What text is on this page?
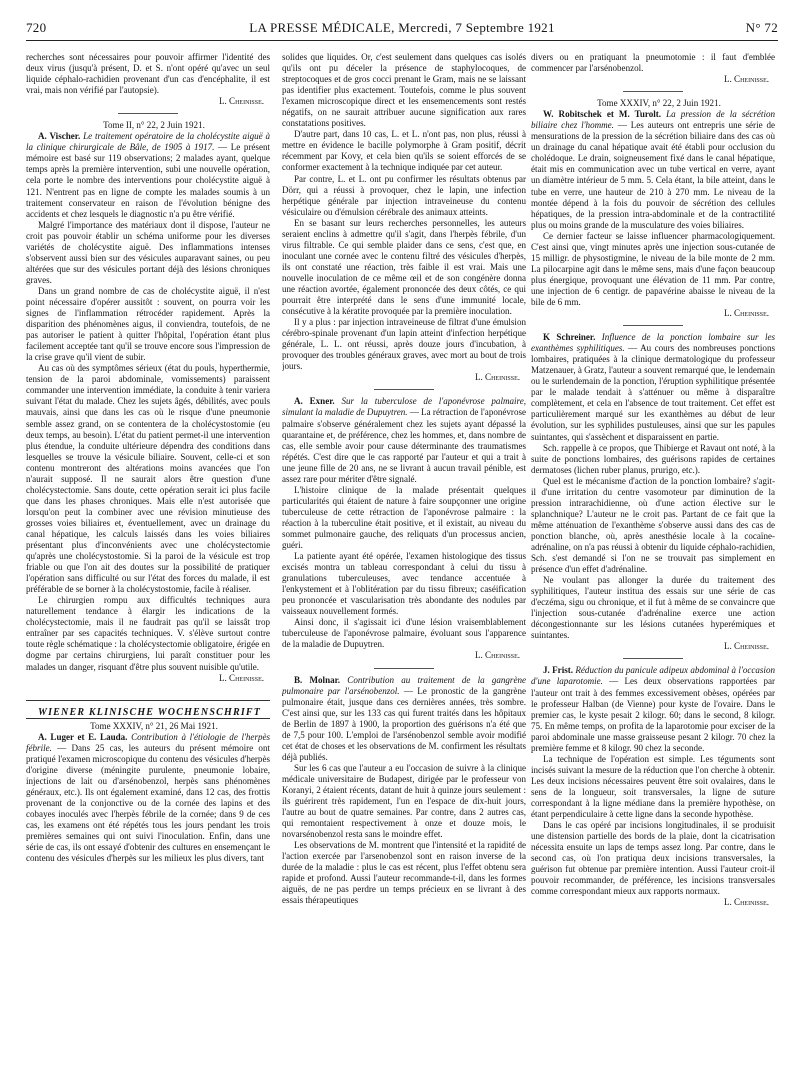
720	LA PRESSE MÉDICALE, Mercredi, 7 Septembre 1921	N° 72

recherches sont nécessaires pour pouvoir affirmer l'identité des deux virus (jusqu'à présent, D. et S. n'ont opéré qu'avec un seul liquide céphalo-rachidien provenant d'un cas d'encéphalite, il est vrai, mais non vérifié par l'autopsie).

L. Cheinisse.

Tome II, n° 22, 2 Juin 1921.

A. Vischer. Le traitement opératoire de la cholécystite aiguë à la clinique chirurgicale de Bâle, de 1905 à 1917. — Le présent mémoire est basé sur 119 observations; 2 malades ayant, quelque temps après la première intervention, subi une nouvelle opération, cela porte le nombre des interventions pour cholécystite aiguë à 121. N'entrent pas en ligne de compte les malades soumis à un traitement conservateur en raison de l'évolution bénigne des accidents et chez lesquels le diagnostic n'a pu être vérifié.

Malgré l'importance des matériaux dont il dispose, l'auteur ne croit pas pouvoir établir un schéma uniforme pour les diverses variétés de cholécystite aiguë. Des inflammations intenses s'observent aussi bien sur des vésicules auparavant saines, ou peu altérées que sur des vésicules portant déjà des lésions chroniques graves.

Dans un grand nombre de cas de cholécystite aiguë, il n'est point nécessaire d'opérer aussitôt : souvent, on pourra voir les signes de l'inflammation rétrocéder rapidement. Après la disparition des phénomènes aigus, il conviendra, toutefois, de ne pas autoriser le patient à quitter l'hôpital, l'opération étant plus facilement acceptée tant qu'il se trouve encore sous l'impression de la crise grave qu'il vient de subir.

Au cas où des symptômes sérieux (état du pouls, hyperthermie, tension de la paroi abdominale, vomissements) paraissent commander une intervention immédiate, la conduite à tenir variera suivant l'état du malade. Chez les sujets âgés, débilités, avec pouls mauvais, ainsi que dans les cas où le risque d'une pneumonie semble assez grand, on se contentera de la cholécystostomie (eu deux temps, au besoin). L'état du patient permet-il une intervention plus étendue, la conduite ultérieure dépendra des conditions dans lesquelles se trouve la vésicule biliaire. Souvent, celle-ci et son contenu montreront des altérations moins avancées que l'on n'aurait supposé. Il ne saurait alors être question d'une cholécystectomie. Sans doute, cette opération serait ici plus facile que dans les phases chroniques. Mais elle n'est autorisée que lorsqu'on peut la combiner avec une révision minutieuse des grosses voies biliaires et, éventuellement, avec un drainage du canal hépatique, les calculs laissés dans les voies biliaires présentant plus d'inconvénients avec une cholécystectomie qu'après une cholécystostomie. Si la paroi de la vésicule est trop friable ou que l'on ait des doutes sur la possibilité de pratiquer l'opération sans difficulté ou sur l'état des forces du malade, il est préférable de se borner à la cholécystostomie, facile à réaliser.

Le chirurgien rompu aux difficultés techniques aura naturellement tendance à élargir les indications de la cholécystectomie, mais il ne faudrait pas qu'il se laissât trop entraîner par ses capacités techniques. V. s'élève surtout contre toute règle schématique : la cholécystectomie obligatoire, érigée en dogme par certains chirurgiens, lui paraît constituer pour les malades un danger, risquant d'être plus souvent nuisible qu'utile.

L. Cheinisse.

WIENER KLINISCHE WOCHENSCHRIFT

Tome XXXIV, n° 21, 26 Mai 1921.

A. Luger et E. Lauda. Contribution à l'étiologie de l'herpès fébrile. — Dans 25 cas, les auteurs du présent mémoire ont pratiqué l'examen microscopique du contenu des vésicules d'herpès d'origine diverse (méningite purulente, pneumonie lobaire, injections de lait ou d'arsénobenzol, herpès sans phénomènes généraux, etc.). Ils ont également examiné, dans 12 cas, des frottis provenant de la conjonctive ou de la cornée des lapins et des cobayes inoculés avec l'herpès fébrile de la cornée; dans 9 de ces cas, les examens ont été répétés tous les jours pendant les trois premières semaines qui ont suivi l'inoculation. Enfin, dans une série de cas, ils ont essayé d'obtenir des cultures en ensemençant le contenu des vésicules d'herpès sur les milieux les plus divers, tant

solides que liquides. Or, c'est seulement dans quelques cas isolés qu'ils ont pu déceler la présence de staphylocoques, de streptocoques et de gros cocci prenant le Gram, mais ne se laissant pas identifier plus exactement. Toutefois, comme le plus souvent l'examen microscopique direct et les ensemencements sont restés négatifs, on ne saurait attribuer aucune signification aux rares constatations positives.

D'autre part, dans 10 cas, L. et L. n'ont pas, non plus, réussi à mettre en évidence le bacille polymorphe à Gram positif, décrit récemment par Kovy, et cela bien qu'ils se soient efforcés de se conformer exactement à la technique indiquée par cet auteur.

Par contre, L. et L. ont pu confirmer les résultats obtenus par Dörr, qui a réussi à provoquer, chez le lapin, une infection herpétique générale par injection intraveineuse du contenu vésiculaire ou d'émulsion cérébrale des animaux atteints.

En se basant sur leurs recherches personnelles, les auteurs seraient enclins à admettre qu'il s'agit, dans l'herpès fébrile, d'un virus filtrable. Ce qui semble plaider dans ce sens, c'est que, en inoculant une cornée avec le contenu filtré des vésicules d'herpès, ils ont constaté une réaction, très faible il est vrai. Mais une nouvelle inoculation de ce même œil et de son congénère donna une réaction avortée, également prononcée des deux côtés, ce qui pourrait être interprété dans le sens d'une immunité locale, consécutive à la kératite provoquée par la première inoculation.

Il y a plus : par injection intraveineuse de filtrat d'une émulsion cérébro-spinale provenant d'un lapin atteint d'infection herpétique générale, L. L. ont réussi, après douze jours d'incubation, à provoquer des troubles généraux graves, avec mort au bout de trois jours.

L. Cheinisse.

A. Exner. Sur la tuberculose de l'aponévrose palmaire, simulant la maladie de Dupuytren. — La rétraction de l'aponévrose palmaire s'observe généralement chez les sujets ayant dépassé la quarantaine et, de préférence, chez les hommes, et, dans nombre de cas, elle semble avoir pour cause déterminante des traumatismes répétés. C'est dire que le cas rapporté par l'auteur et qui a trait à une jeune fille de 20 ans, ne se livrant à aucun travail pénible, est assez rare pour mériter d'être signalé.

L'histoire clinique de la malade présentait quelques particularités qui étaient de nature à faire soupçonner une origine tuberculeuse de cette rétraction de l'aponévrose palmaire : la réaction à la tuberculine était positive, et il existait, au niveau du sommet pulmonaire gauche, des reliquats d'un processus ancien, guéri.

La patiente ayant été opérée, l'examen histologique des tissus excisés montra un tableau correspondant à celui du tissu à granulations tuberculeuses, avec tendance accentuée à l'enkystement et à l'oblitération par du tissu fibreux; caséification peu prononcée et vascularisation très abondante des nodules par vaisseaux nouvellement formés.

Ainsi donc, il s'agissait ici d'une lésion vraisemblablement tuberculeuse de l'aponévrose palmaire, évoluant sous l'apparence de la maladie de Dupuytren.

L. Cheinisse.

B. Molnar. Contribution au traitement de la gangrène pulmonaire par l'arsénobenzol. — Le pronostic de la gangrène pulmonaire était, jusque dans ces dernières années, très sombre. C'est ainsi que, sur les 133 cas qui furent traités dans les hôpitaux de Berlin de 1897 à 1900, la proportion des guérisons n'a été que de 7,5 pour 100. L'emploi de l'arsénobenzol semble avoir modifié cet état de choses et les observations de M. confirment les résultats déjà publiés.

Sur les 6 cas que l'auteur a eu l'occasion de suivre à la clinique médicale universitaire de Budapest, dirigée par le professeur von Koranyi, 2 étaient récents, datant de huit à quinze jours seulement : ils guérirent très rapidement, l'un en l'espace de dix-huit jours, l'autre au bout de quatre semaines. Par contre, dans 2 autres cas, qui remontaient respectivement à onze et douze mois, le novarsénobenzol resta sans le moindre effet.

Les observations de M. montrent que l'intensité et la rapidité de l'action exercée par l'arsenobenzol sont en raison inverse de la durée de la maladie : plus le cas est récent, plus l'effet obtenu sera rapide et profond. Aussi l'auteur recommande-t-il, dans les formes aiguës, de ne pas perdre un temps précieux en se livrant à des essais thérapeutiques

divers ou en pratiquant la pneumotomie : il faut d'emblée commencer par l'arsénobenzol.

L. Cheinisse.

Tome XXXIV, n° 22, 2 Juin 1921.

W. Robitschek et M. Turolt. La pression de la sécrétion biliaire chez l'homme. — Les auteurs ont entrepris une série de mensurations de la pression de la sécrétion biliaire dans des cas où un drainage du canal hépatique avait été établi pour occlusion du cholédoque. Le drain, soigneusement fixé dans le canal hépatique, était mis en communication avec un tube vertical en verre, ayant un diamètre intérieur de 5 mm. 5. Cela étant, la bile atteint, dans le tube en verre, une hauteur de 210 à 270 mm. Le niveau de la montée dépend à la fois du pouvoir de sécrétion des cellules hépatiques, de la pression intra-abdominale et de la contractilité plus ou moins grande de la musculature des voies biliaires.

Ce dernier facteur se laisse influencer pharmacologiquement. C'est ainsi que, vingt minutes après une injection sous-cutanée de 15 milligr. de physostigmine, le niveau de la bile monte de 2 mm. La pilocarpine agit dans le même sens, mais d'une façon beaucoup plus énergique, provoquant une élévation de 11 mm. Par contre, une injection de 6 centigr. de papavérine abaisse le niveau de la bile de 6 mm.

L. Cheinisse.

K Schreiner. Influence de la ponction lombaire sur les exanthèmes syphilitiques. — Au cours des nombreuses ponctions lombaires, pratiquées à la clinique dermatologique du professeur Matzenauer, à Gratz, l'auteur a souvent remarqué que, le lendemain ou le surlendemain de la ponction, l'éruption syphilitique présentée par le malade tendait à s'atténuer ou même à disparaître complètement, et cela en l'absence de tout traitement. Cet effet est particulièrement marqué sur les exanthèmes au début de leur évolution, sur les syphilides pustuleuses, ainsi que sur les papules suintantes, qui s'assèchent et disparaissent en partie.

Sch. rappelle à ce propos, que Thibierge et Ravaut ont noté, à la suite de ponctions lombaires, des guérisons rapides de certaines dermatoses (lichen ruber planus, prurigo, etc.).

Quel est le mécanisme d'action de la ponction lombaire? s'agit-il d'une irritation du centre vasomoteur par diminution de la pression intrarachidienne, où d'une action élective sur le splanchnique? L'auteur ne le croit pas. Partant de ce fait que la même atténuation de l'exanthème s'observe aussi dans des cas de ponction blanche, où, après anesthésie locale à la cocaïne-adrénaline, on n'a pas réussi à obtenir du liquide céphalo-rachidien, Sch. s'est demandé si l'on ne se trouvait pas simplement en présence d'un effet d'adrénaline.

Ne voulant pas allonger la durée du traitement des syphilitiques, l'auteur institua des essais sur une série de cas d'eczéma, sigu ou chronique, et il fut à même de se convaincre que l'injection sous-cutanée d'adrénaline exerce une action décongestionnante sur les lésions cutanées hyperémiques et suintantes.

L. Cheinisse.

J. Frist. Réduction du panicule adipeux abdominal à l'occasion d'une laparotomie. — Les deux observations rapportées par l'auteur ont trait à des femmes excessivement obèses, opérées par le professeur Halban (de Vienne) pour kyste de l'ovaire. Dans le premier cas, le kyste pesait 2 kilogr. 60; dans le second, 8 kilogr. 75. En même temps, on profita de la laparotomie pour exciser de la paroi abdominale une masse graisseuse pesant 2 kilogr. 70 chez la première femme et 8 kilogr. 90 chez la seconde.

La technique de l'opération est simple. Les téguments sont incisés suivant la mesure de la réduction que l'on cherche à obtenir. Les deux incisions nécessaires peuvent être soit ovalaires, dans le sens de la longueur, soit transversales, la ligne de suture correspondant à la ligne médiane dans la première hypothèse, on étant perpendiculaire à cette ligne dans la seconde hypothèse.

Dans le cas opéré par incisions longitudinales, il se produisit une distension partielle des bords de la plaie, dont la cicatrisation nécessita ensuite un laps de temps assez long. Par contre, dans le second cas, où l'on pratiqua deux incisions transversales, la guérison fut obtenue par première intention. Aussi l'auteur croit-il pouvoir recommander, de préférence, les incisions transversales comme correspondant mieux aux rapports normaux.

L. Cheinisse.
